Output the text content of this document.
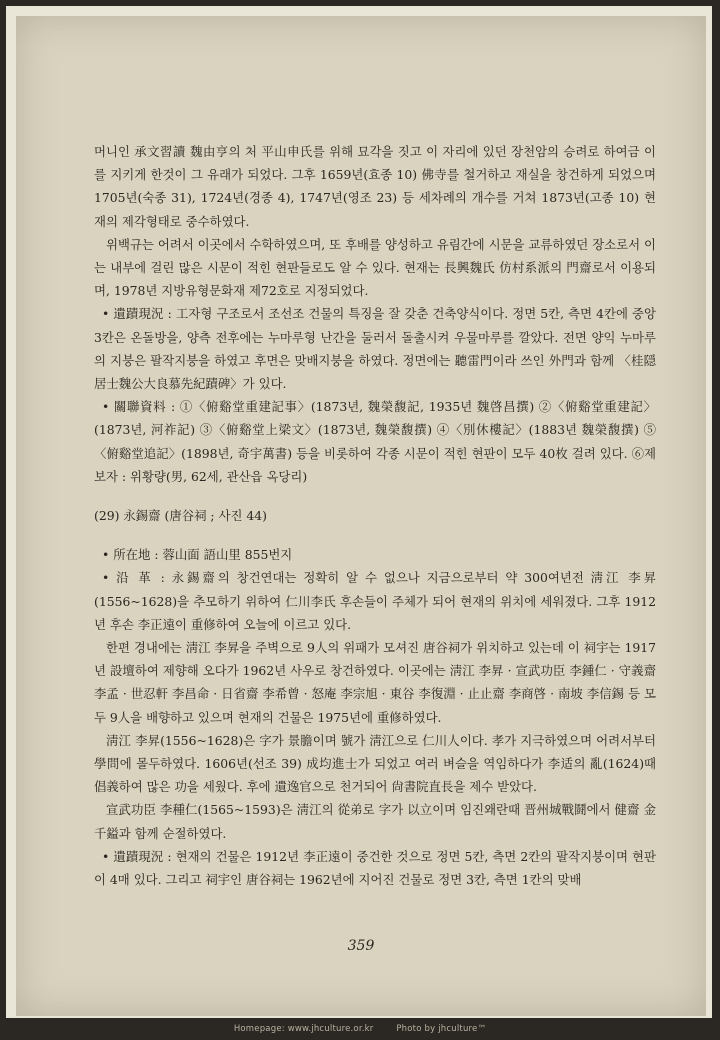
머니인 承文習讀 魏由亨의 처 平山申氏를 위해 묘각을 짓고 이 자리에 있던 장천암의 승려로 하여금 이를 지키게 한것이 그 유래가 되었다. 그후 1659년(효종 10) 佛寺를 철거하고 재실을 창건하게 되었으며 1705년(숙종 31), 1724년(경종 4), 1747년(영조 23) 등 세차례의 개수를 거쳐 1873년(고종 10) 현재의 제각형태로 중수하였다.

위백규는 어려서 이곳에서 수학하였으며, 또 후배를 양성하고 유림간에 시문을 교류하였던 장소로서 이는 내부에 걸린 많은 시문이 적힌 현판들로도 알 수 있다. 현재는 長興魏氏 仿村系派의 門齋로서 이용되며, 1978년 지방유형문화재 제72호로 지정되었다.

• 遺蹟現況 : 工자형 구조로서 조선조 건물의 특징을 잘 갖춘 건축양식이다. 정면 5칸, 측면 4칸에 중앙 3칸은 온돌방을, 양측 전후에는 누마루형 난간을 둘러서 돌출시켜 우물마루를 깔았다. 전면 양익 누마루의 지붕은 팔작지붕을 하였고 후면은 맞배지붕을 하였다. 정면에는 聽雷門이라 쓰인 外門과 함께 〈桂隠居士魏公大良慕先紀蹟碑〉가 있다.

• 關聯資料 : ①〈俯谿堂重建記事〉(1873년, 魏榮馥記, 1935년 魏啓昌撰) ②〈俯谿堂重建記〉(1873년, 河祚記) ③〈俯谿堂上梁文〉(1873년, 魏榮馥撰) ④〈別休樓記〉(1883년 魏榮馥撰) ⑤〈俯谿堂追記〉(1898년, 奇宇萬書) 등을 비롯하여 각종 시문이 적힌 현판이 모두 40枚 걸려 있다. ⑥제보자 : 위황량(男, 62세, 관산읍 옥당리)

(29) 永錫齋 (唐谷祠 ; 사진 44)

• 所在地 : 蓉山面 語山里 855번지

• 沿 革 : 永錫齋의 창건연대는 정확히 알 수 없으나 지금으로부터 약 300여년전 淸江 李昇(1556~1628)을 추모하기 위하여 仁川李氏 후손들이 주체가 되어 현재의 위치에 세워졌다. 그후 1912년 후손 李正遠이 重修하여 오늘에 이르고 있다.

한편 경내에는 淸江 李昇을 주벽으로 9人의 위패가 모셔진 唐谷祠가 위치하고 있는데 이 祠宇는 1917년 設壇하여 제향해 오다가 1962년 사우로 창건하였다. 이곳에는 淸江 李昇 · 宣武功臣 李鍾仁 · 守義齋 李孟 · 世忍軒 李昌命 · 日省齋 李希曾 · 怒庵 李宗旭 · 東谷 李復淵 · 止止齋 李商啓 · 南坡 李信錫 등 모두 9人을 배향하고 있으며 현재의 건물은 1975년에 重修하였다.

淸江 李昇(1556~1628)은 字가 景膽이며 號가 淸江으로 仁川人이다. 孝가 지극하였으며 어려서부터 學問에 몰두하였다. 1606년(선조 39) 成均進士가 되었고 여러 벼슬을 역임하다가 李适의 亂(1624)때 倡義하여 많은 功을 세웠다. 후에 遺逸官으로 천거되어 尙書院直長을 제수 받았다.

宣武功臣 李種仁(1565~1593)은 淸江의 從弟로 字가 以立이며 임진왜란때 晋州城戰鬪에서 健齋 金千鎰과 함께 순절하였다.

• 遺蹟現況 : 현재의 건물은 1912년 李正遠이 중건한 것으로 정면 5칸, 측면 2칸의 팔작지붕이며 현판이 4매 있다. 그리고 祠宇인 唐谷祠는 1962년에 지어진 건물로 정면 3칸, 측면 1칸의 맞배

359
Homepage: www.jhculture.or.kr	Photo by jhculture™
